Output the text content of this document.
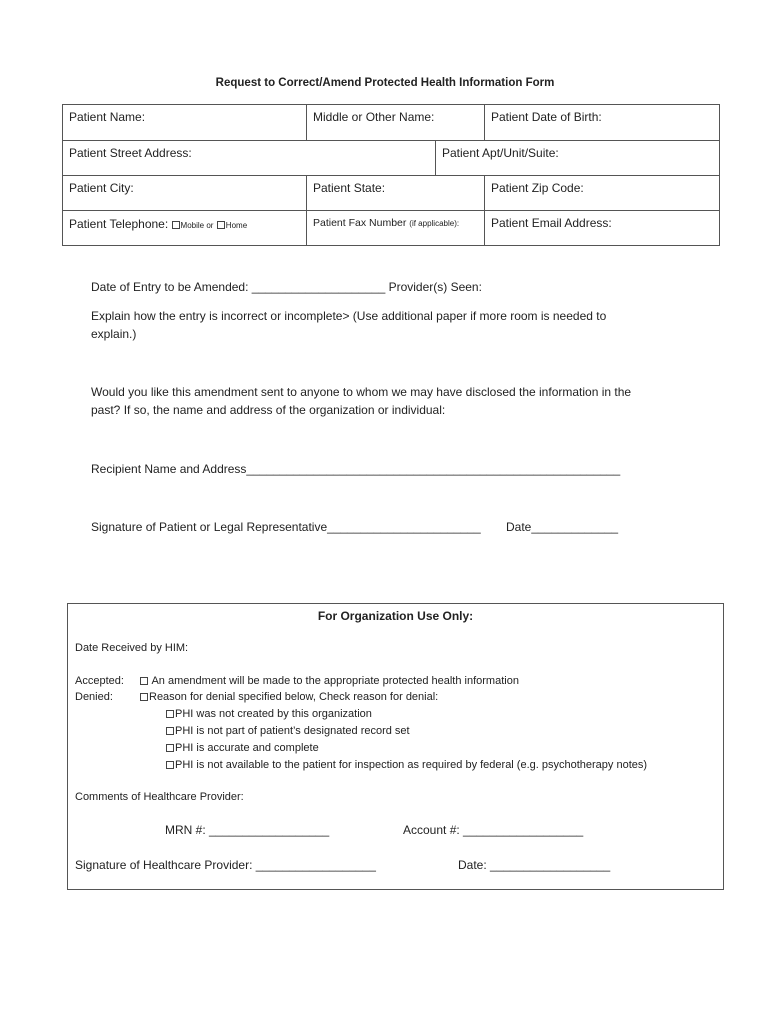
Request to Correct/Amend Protected Health Information Form
Patient Name:	Middle or Other Name:	Patient Date of Birth:
Patient Street Address:	Patient Apt/Unit/Suite:
Patient City:	Patient State:	Patient Zip Code:
Patient Telephone: Mobile or Home	Patient Fax Number (if applicable):	Patient Email Address:
Date of Entry to be Amended: ____________________ Provider(s) Seen:
Explain how the entry is incorrect or incomplete> (Use additional paper if more room is needed to explain.)
Would you like this amendment sent to anyone to whom we may have disclosed the information in the past? If so, the name and address of the organization or individual:
Recipient Name and Address________________________________________________________
Signature of Patient or Legal Representative_______________________ Date_____________
For Organization Use Only:
Date Received by HIM:
Accepted:	An amendment will be made to the appropriate protected health information
Denied:	Reason for denial specified below, Check reason for denial:
PHI was not created by this organization
PHI is not part of patient’s designated record set
PHI is accurate and complete
PHI is not available to the patient for inspection as required by federal (e.g. psychotherapy notes)
Comments of Healthcare Provider:
MRN #: __________________	Account #: __________________
Signature of Healthcare Provider: __________________	Date: __________________
